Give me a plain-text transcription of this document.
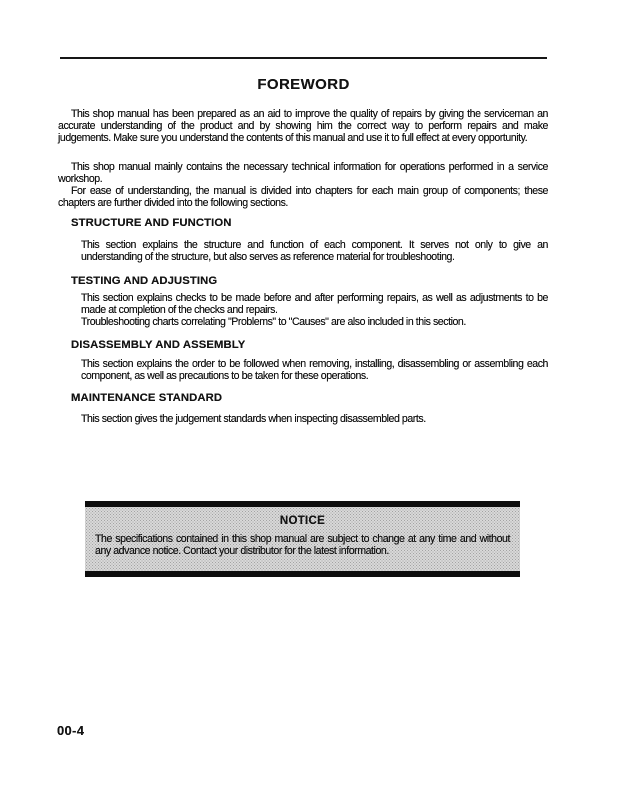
FOREWORD

This shop manual has been prepared as an aid to improve the quality of repairs by giving the serviceman an accurate understanding of the product and by showing him the correct way to perform repairs and make judgements. Make sure you understand the contents of this manual and use it to full effect at every opportunity.

This shop manual mainly contains the necessary technical information for operations performed in a service workshop.

For ease of understanding, the manual is divided into chapters for each main group of components; these chapters are further divided into the following sections.

STRUCTURE AND FUNCTION

This section explains the structure and function of each component. It serves not only to give an understanding of the structure, but also serves as reference material for troubleshooting.

TESTING AND ADJUSTING

This section explains checks to be made before and after performing repairs, as well as adjustments to be made at completion of the checks and repairs.

Troubleshooting charts correlating "Problems" to "Causes" are also included in this section.

DISASSEMBLY AND ASSEMBLY

This section explains the order to be followed when removing, installing, disassembling or assembling each component, as well as precautions to be taken for these operations.

MAINTENANCE STANDARD

This section gives the judgement standards when inspecting disassembled parts.

NOTICE
The specifications contained in this shop manual are subject to change at any time and without any advance notice. Contact your distributor for the latest information.
00-4
